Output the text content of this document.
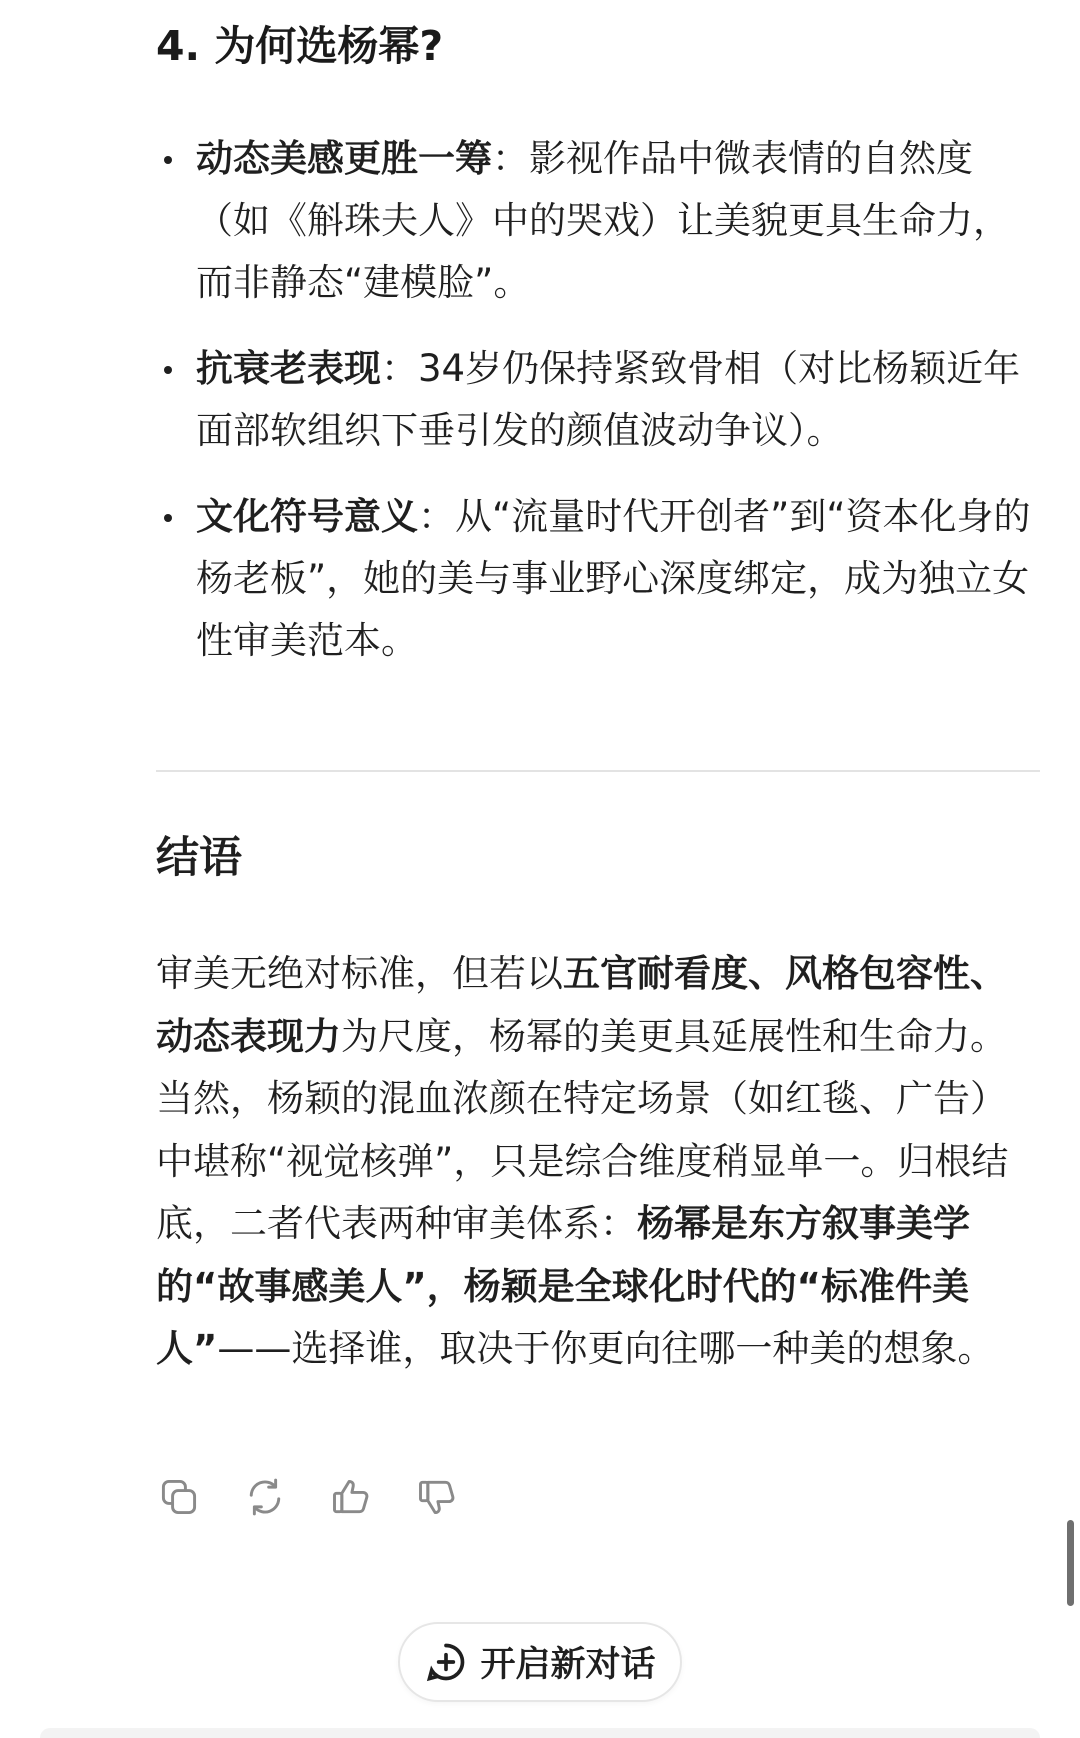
4. 为何选杨幂?
动态美感更胜一筹：影视作品中微表情的自然度（如《斛珠夫人》中的哭戏）让美貌更具生命力，而非静态“建模脸”。
抗衰老表现：34岁仍保持紧致骨相（对比杨颖近年面部软组织下垂引发的颜值波动争议）。
文化符号意义：从“流量时代开创者”到“资本化身的杨老板”，她的美与事业野心深度绑定，成为独立女性审美范本。
结语

审美无绝对标准，但若以五官耐看度、风格包容性、动态表现力为尺度，杨幂的美更具延展性和生命力。当然，杨颖的混血浓颜在特定场景（如红毯、广告）中堪称“视觉核弹”，只是综合维度稍显单一。归根结底，二者代表两种审美体系：杨幂是东方叙事美学的“故事感美人”，杨颖是全球化时代的“标准件美人”——选择谁，取决于你更向往哪一种美的想象。

开启新对话
